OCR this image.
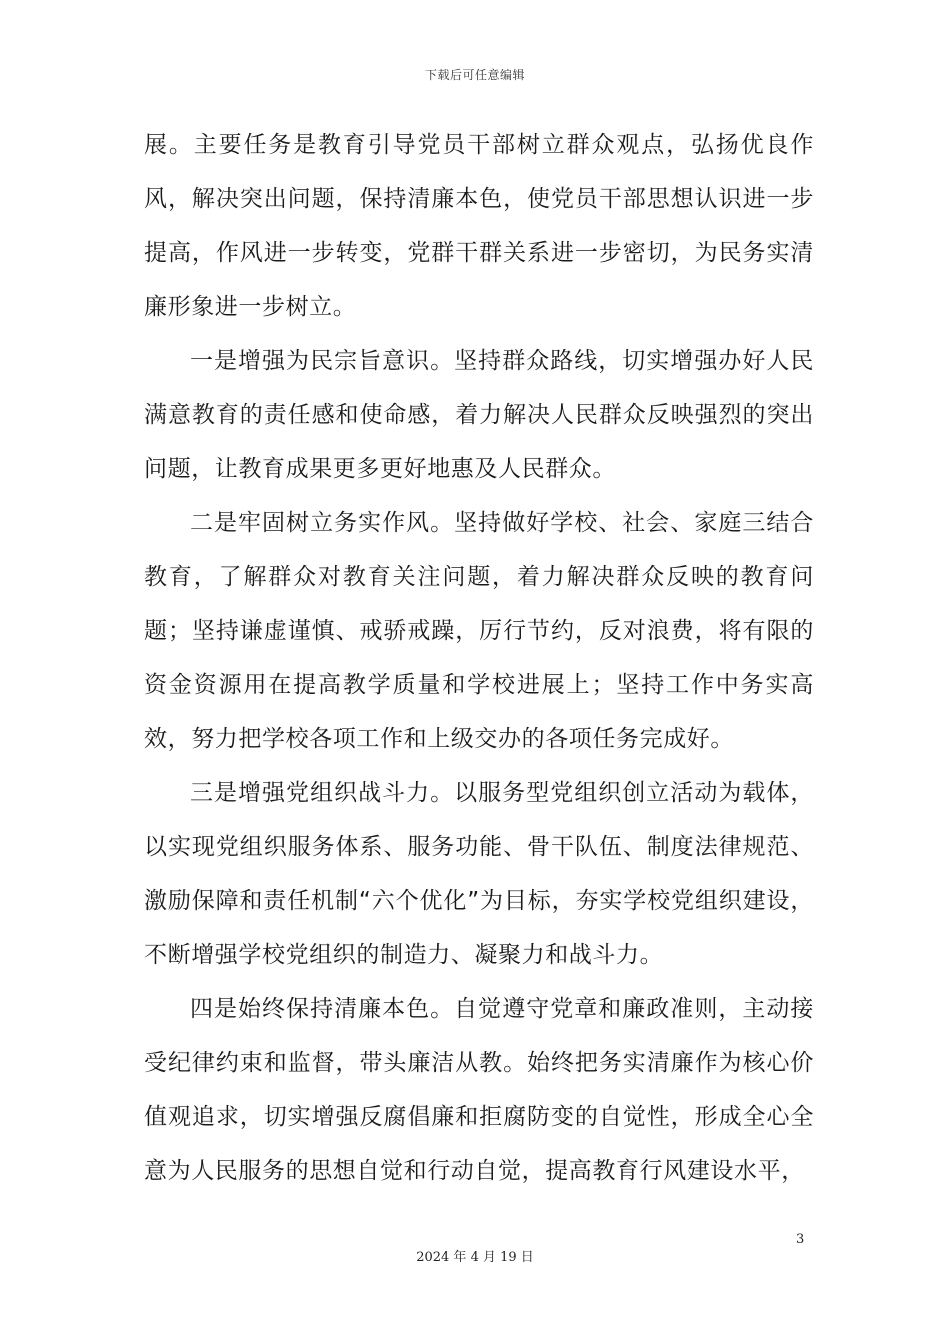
下载后可任意编辑

展。主要任务是教育引导党员干部树立群众观点，弘扬优良作风，解决突出问题，保持清廉本色，使党员干部思想认识进一步提高，作风进一步转变，党群干群关系进一步密切，为民务实清廉形象进一步树立。

一是增强为民宗旨意识。坚持群众路线，切实增强办好人民满意教育的责任感和使命感，着力解决人民群众反映强烈的突出问题，让教育成果更多更好地惠及人民群众。

二是牢固树立务实作风。坚持做好学校、社会、家庭三结合教育，了解群众对教育关注问题，着力解决群众反映的教育问题；坚持谦虚谨慎、戒骄戒躁，厉行节约，反对浪费，将有限的资金资源用在提高教学质量和学校进展上；坚持工作中务实高效，努力把学校各项工作和上级交办的各项任务完成好。

三是增强党组织战斗力。以服务型党组织创立活动为载体，以实现党组织服务体系、服务功能、骨干队伍、制度法律规范、激励保障和责任机制“六个优化”为目标，夯实学校党组织建设，不断增强学校党组织的制造力、凝聚力和战斗力。

四是始终保持清廉本色。自觉遵守党章和廉政准则，主动接受纪律约束和监督，带头廉洁从教。始终把务实清廉作为核心价值观追求，切实增强反腐倡廉和拒腐防变的自觉性，形成全心全意为人民服务的思想自觉和行动自觉，提高教育行风建设水平，

3
2024 年 4 月 19 日
